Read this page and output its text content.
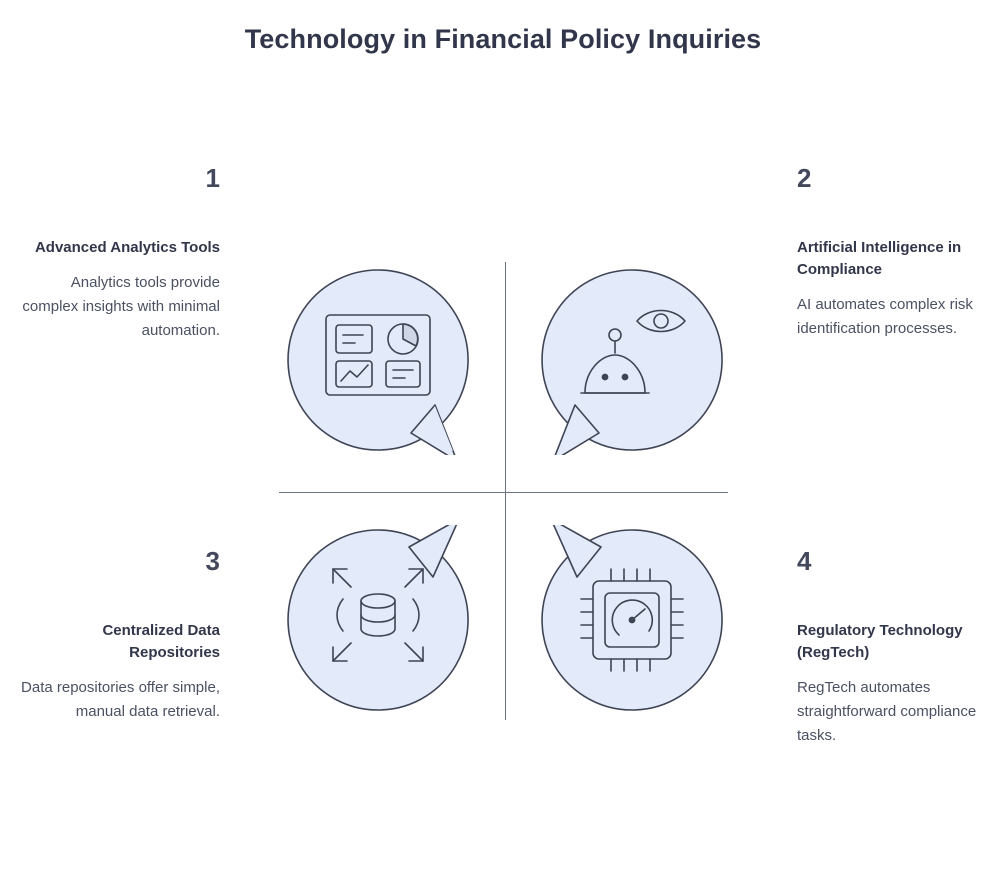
Technology in Financial Policy Inquiries
1
Advanced Analytics Tools
Analytics tools provide complex insights with minimal automation.
2
Artificial Intelligence in Compliance
AI automates complex risk identification processes.
3
Centralized Data Repositories
Data repositories offer simple, manual data retrieval.
4
Regulatory Technology (RegTech)
RegTech automates straightforward compliance tasks.
